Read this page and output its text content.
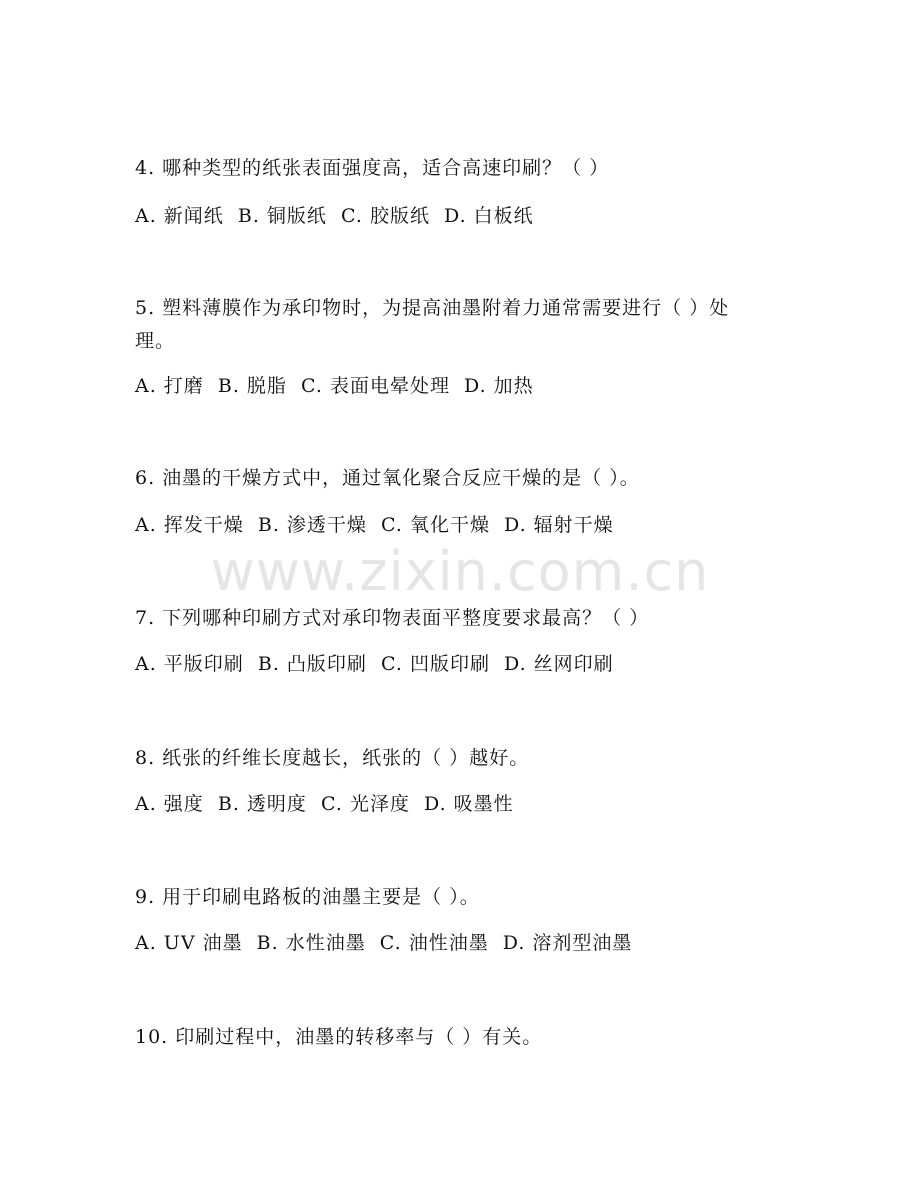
www.zixin.com.cn
4. 哪种类型的纸张表面强度高，适合高速印刷？（ ）
A. 新闻纸  B. 铜版纸  C. 胶版纸  D. 白板纸
5. 塑料薄膜作为承印物时，为提高油墨附着力通常需要进行（ ）处
理。
A. 打磨  B. 脱脂  C. 表面电晕处理  D. 加热
6. 油墨的干燥方式中，通过氧化聚合反应干燥的是（ ）。
A. 挥发干燥  B. 渗透干燥  C. 氧化干燥  D. 辐射干燥
7. 下列哪种印刷方式对承印物表面平整度要求最高？（ ）
A. 平版印刷  B. 凸版印刷  C. 凹版印刷  D. 丝网印刷
8. 纸张的纤维长度越长，纸张的（ ）越好。
A. 强度  B. 透明度  C. 光泽度  D. 吸墨性
9. 用于印刷电路板的油墨主要是（ ）。
A. UV 油墨  B. 水性油墨  C. 油性油墨  D. 溶剂型油墨
10. 印刷过程中，油墨的转移率与（ ）有关。
